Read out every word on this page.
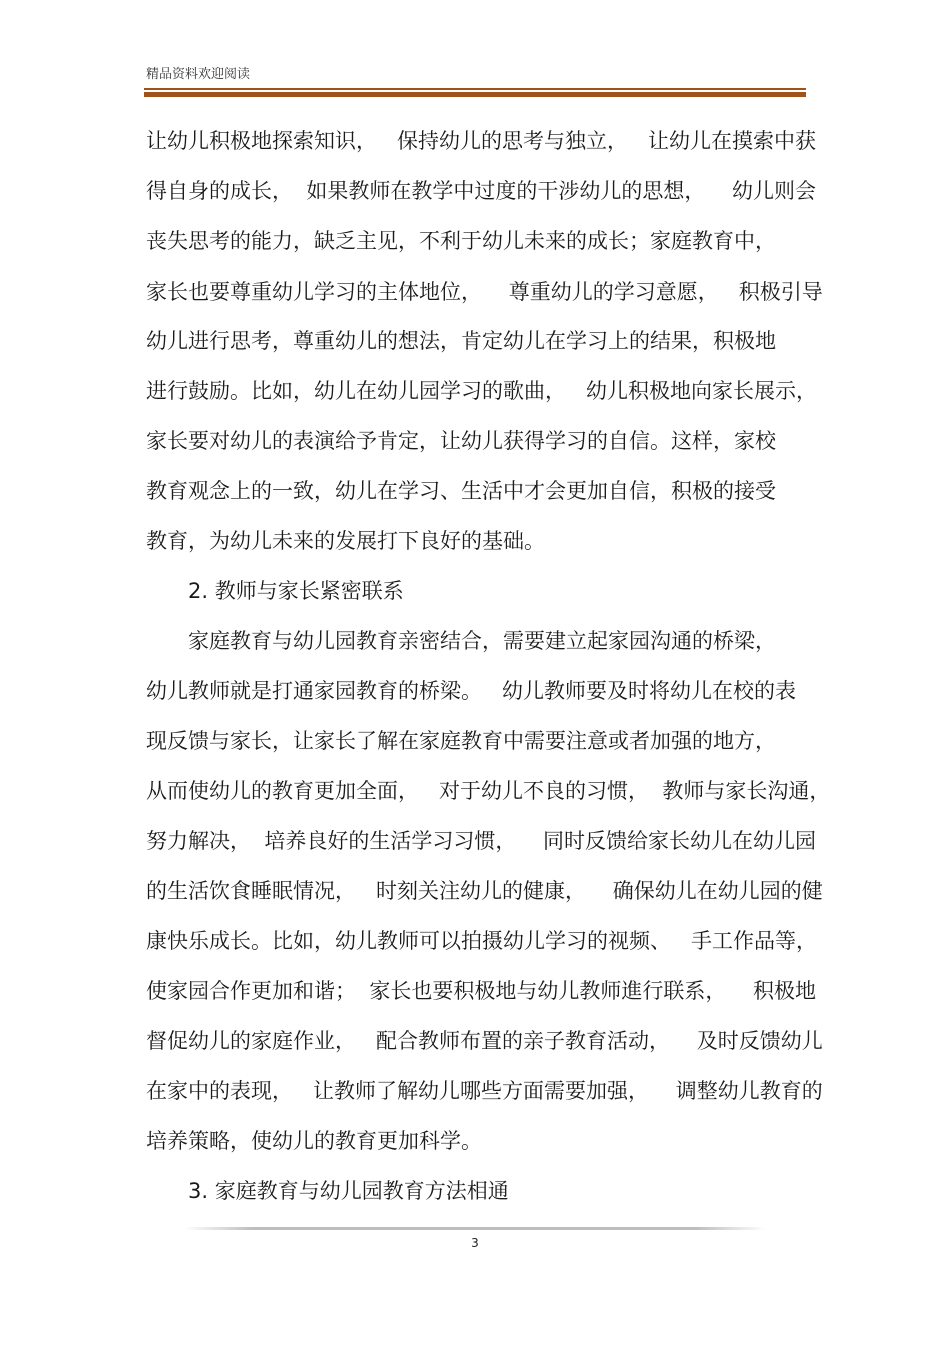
精品资料欢迎阅读
让幼儿积极地探索知识，   保持幼儿的思考与独立，   让幼儿在摸索中获
得自身的成长，  如果教师在教学中过度的干涉幼儿的思想，    幼儿则会
丧失思考的能力，缺乏主见，不利于幼儿未来的成长；家庭教育中，
家长也要尊重幼儿学习的主体地位，    尊重幼儿的学习意愿，   积极引导
幼儿进行思考，尊重幼儿的想法，肯定幼儿在学习上的结果，积极地
进行鼓励。比如，幼儿在幼儿园学习的歌曲，   幼儿积极地向家长展示，
家长要对幼儿的表演给予肯定，让幼儿获得学习的自信。这样，家校
教育观念上的一致，幼儿在学习、生活中才会更加自信，积极的接受
教育，为幼儿未来的发展打下良好的基础。
2. 教师与家长紧密联系
家庭教育与幼儿园教育亲密结合，需要建立起家园沟通的桥梁，
幼儿教师就是打通家园教育的桥梁。   幼儿教师要及时将幼儿在校的表
现反馈与家长，让家长了解在家庭教育中需要注意或者加强的地方，
从而使幼儿的教育更加全面，   对于幼儿不良的习惯，  教师与家长沟通，
努力解决，  培养良好的生活学习习惯，    同时反馈给家长幼儿在幼儿园
的生活饮食睡眠情况，   时刻关注幼儿的健康，    确保幼儿在幼儿园的健
康快乐成长。比如，幼儿教师可以拍摄幼儿学习的视频、   手工作品等，
使家园合作更加和谐；  家长也要积极地与幼儿教师進行联系，    积极地
督促幼儿的家庭作业，   配合教师布置的亲子教育活动，    及时反馈幼儿
在家中的表现，   让教师了解幼儿哪些方面需要加强，    调整幼儿教育的
培养策略，使幼儿的教育更加科学。
3. 家庭教育与幼儿园教育方法相通
3
